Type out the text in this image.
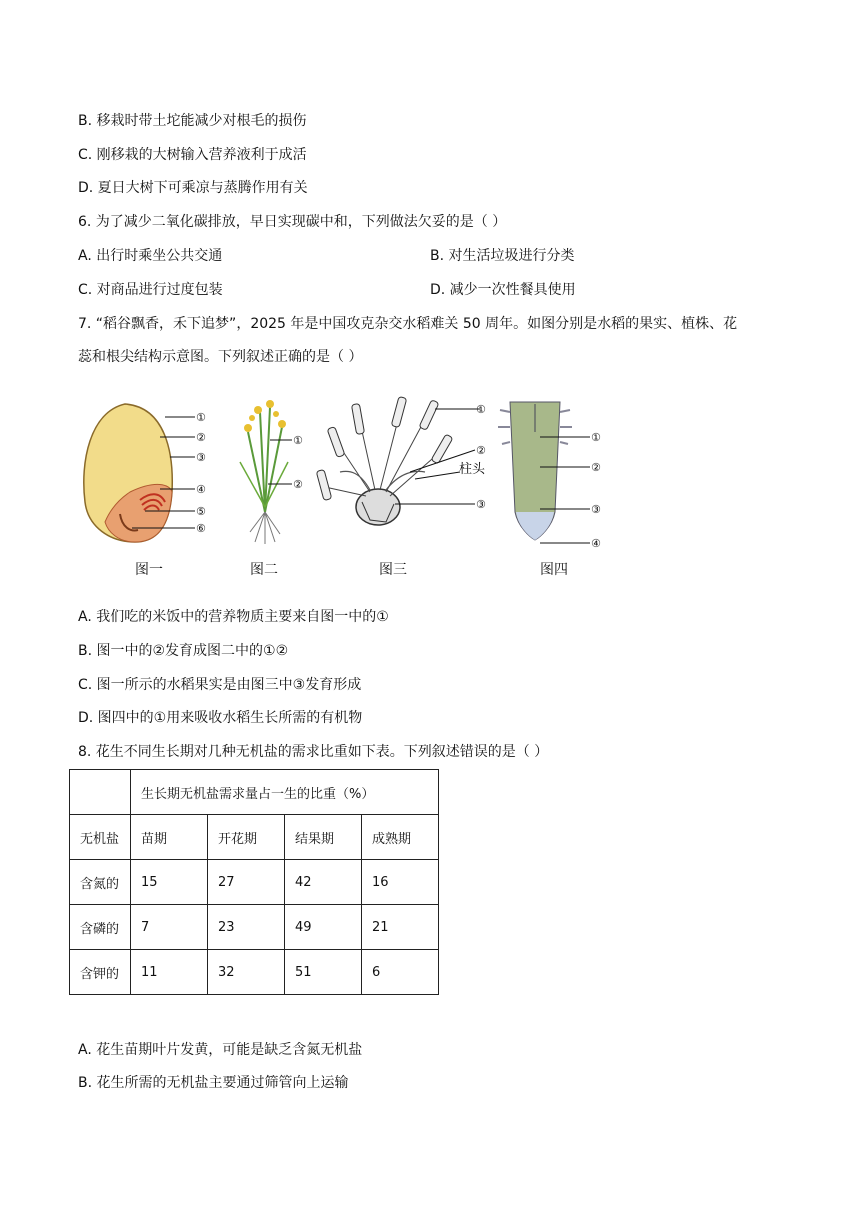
B. 移栽时带土坨能减少对根毛的损伤
C. 刚移栽的大树输入营养液利于成活
D. 夏日大树下可乘凉与蒸腾作用有关
6. 为了减少二氧化碳排放，早日实现碳中和，下列做法欠妥的是（ ）
A. 出行时乘坐公共交通	B. 对生活垃圾进行分类
C. 对商品进行过度包装	D. 减少一次性餐具使用
7. “稻谷飘香，禾下追梦”，2025 年是中国攻克杂交水稻难关 50 周年。如图分别是水稻的果实、植株、花
蕊和根尖结构示意图。下列叙述正确的是（ ）
①
②
③
④
⑤
⑥
图一
①
②
图二
①
②
柱头
③
图三
①
②
③
④
图四
A. 我们吃的米饭中的营养物质主要来自图一中的①
B. 图一中的②发育成图二中的①②
C. 图一所示的水稻果实是由图三中③发育形成
D. 图四中的①用来吸收水稻生长所需的有机物
8. 花生不同生长期对几种无机盐的需求比重如下表。下列叙述错误的是（ ）
	生长期无机盐需求量占一生的比重（%）			
无机盐	苗期	开花期	结果期	成熟期
含氮的	15	27	42	16
含磷的	7	23	49	21
含钾的	11	32	51	6
A. 花生苗期叶片发黄，可能是缺乏含氮无机盐
B. 花生所需的无机盐主要通过筛管向上运输
